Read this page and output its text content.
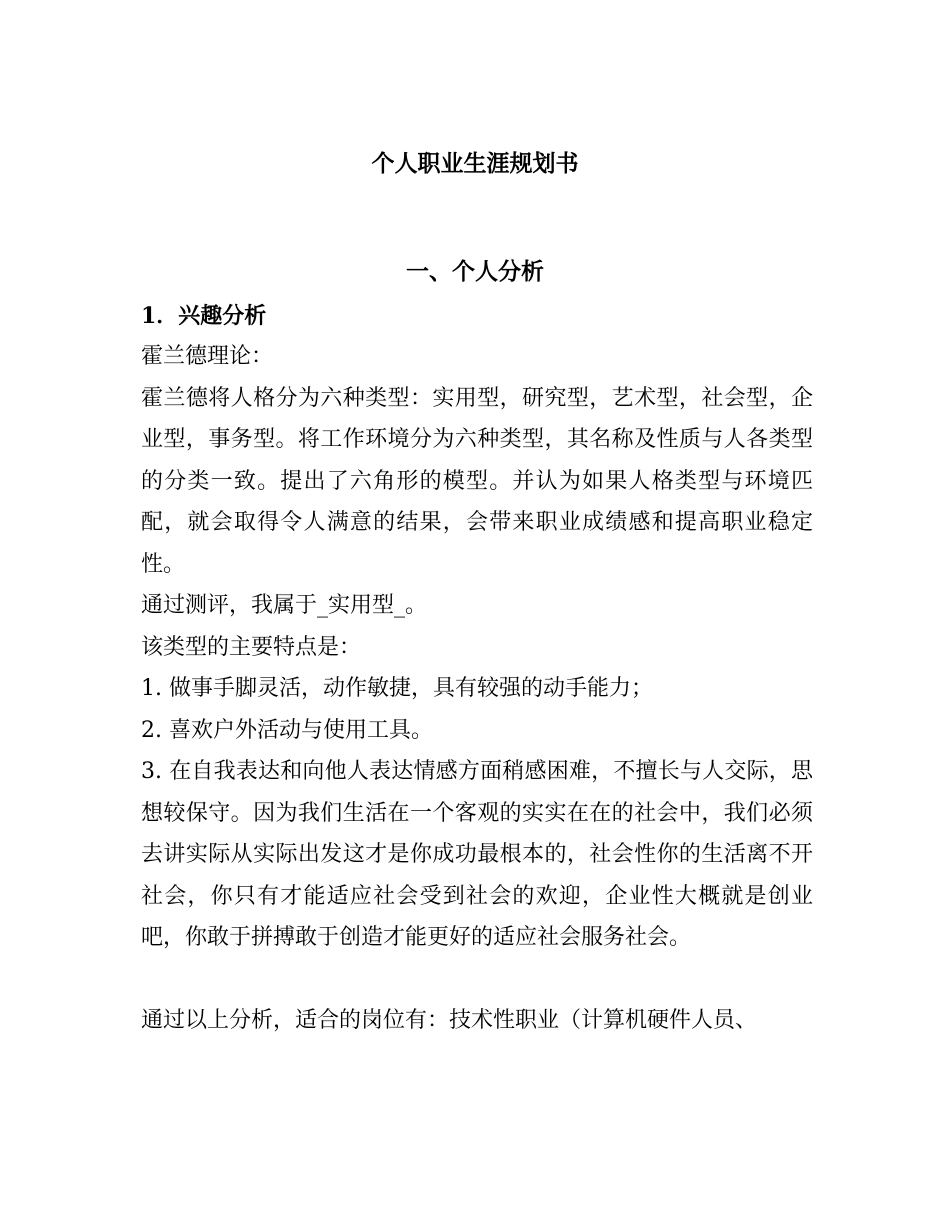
个人职业生涯规划书
一、个人分析
1．兴趣分析

霍兰德理论：

霍兰德将人格分为六种类型：实用型，研究型，艺术型，社会型，企业型，事务型。将工作环境分为六种类型，其名称及性质与人各类型的分类一致。提出了六角形的模型。并认为如果人格类型与环境匹配，就会取得令人满意的结果，会带来职业成绩感和提高职业稳定性。

通过测评，我属于_实用型_。

该类型的主要特点是：

1. 做事手脚灵活，动作敏捷，具有较强的动手能力；

2. 喜欢户外活动与使用工具。

3. 在自我表达和向他人表达情感方面稍感困难，不擅长与人交际，思想较保守。因为我们生活在一个客观的实实在在的社会中，我们必须去讲实际从实际出发这才是你成功最根本的，社会性你的生活离不开社会，你只有才能适应社会受到社会的欢迎，企业性大概就是创业吧，你敢于拼搏敢于创造才能更好的适应社会服务社会。

通过以上分析，适合的岗位有：技术性职业（计算机硬件人员、
